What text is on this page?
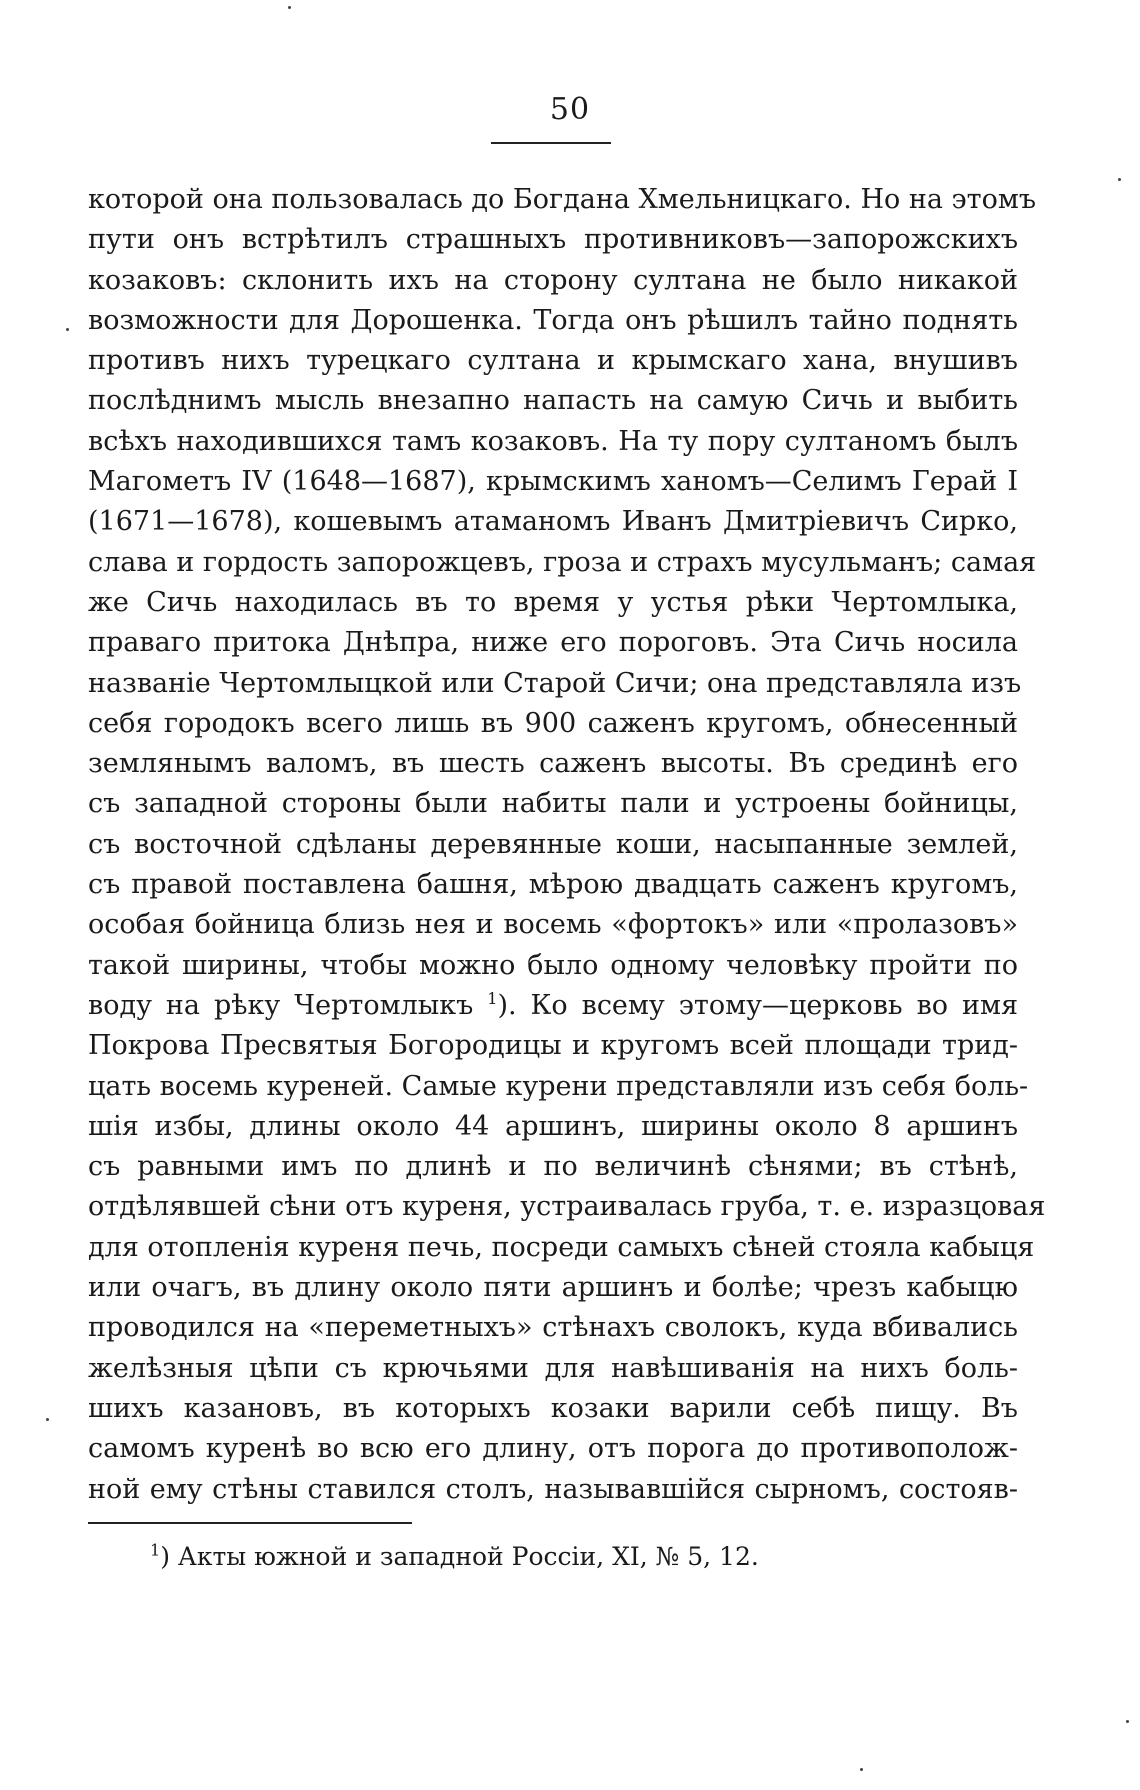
50
которой она пользовалась до Богдана Хмельницкаго. Но на этомъ
пути онъ встрѣтилъ страшныхъ противниковъ—запорожскихъ
козаковъ: склонить ихъ на сторону султана не было никакой
возможности для Дорошенка. Тогда онъ рѣшилъ тайно поднять
противъ нихъ турецкаго султана и крымскаго хана, внушивъ
послѣднимъ мысль внезапно напасть на самую Сичь и выбить
всѣхъ находившихся тамъ козаковъ. На ту пору султаномъ былъ
Магометъ IV (1648—1687), крымскимъ ханомъ—Селимъ Герай I
(1671—1678), кошевымъ атаманомъ Иванъ Дмитріевичъ Сирко,
слава и гордость запорожцевъ, гроза и страхъ мусульманъ; самая
же Сичь находилась въ то время у устья рѣки Чертомлыка,
праваго притока Днѣпра, ниже его пороговъ. Эта Сичь носила
названіе Чертомлыцкой или Старой Сичи; она представляла изъ
себя городокъ всего лишь въ 900 саженъ кругомъ, обнесенный
землянымъ валомъ, въ шесть саженъ высоты. Въ срединѣ его
съ западной стороны были набиты пали и устроены бойницы,
съ восточной сдѣланы деревянные коши, насыпанные землей,
съ правой поставлена башня, мѣрою двадцать саженъ кругомъ,
особая бойница близь нея и восемь «фортокъ» или «пролазовъ»
такой ширины, чтобы можно было одному человѣку пройти по
воду на рѣку Чертомлыкъ $^1$). Ко всему этому—церковь во имя
Покрова Пресвятыя Богородицы и кругомъ всей площади трид-
цать восемь куреней. Самые курени представляли изъ себя боль-
шія избы, длины около 44 аршинъ, ширины около 8 аршинъ
съ равными имъ по длинѣ и по величинѣ сѣнями; въ стѣнѣ,
отдѣлявшей сѣни отъ куреня, устраивалась груба, т. е. изразцовая
для отопленія куреня печь, посреди самыхъ сѣней стояла кабыця
или очагъ, въ длину около пяти аршинъ и болѣе; чрезъ кабыцю
проводился на «переметныхъ» стѣнахъ сволокъ, куда вбивались
желѣзныя цѣпи съ крючьями для навѣшиванія на нихъ боль-
шихъ казановъ, въ которыхъ козаки варили себѣ пищу. Въ
самомъ куренѣ во всю его длину, отъ порога до противополож-
ной ему стѣны ставился столъ, называвшійся сырномъ, состояв-
$^1$) Акты южной и западной Россіи, XI, № 5, 12.
